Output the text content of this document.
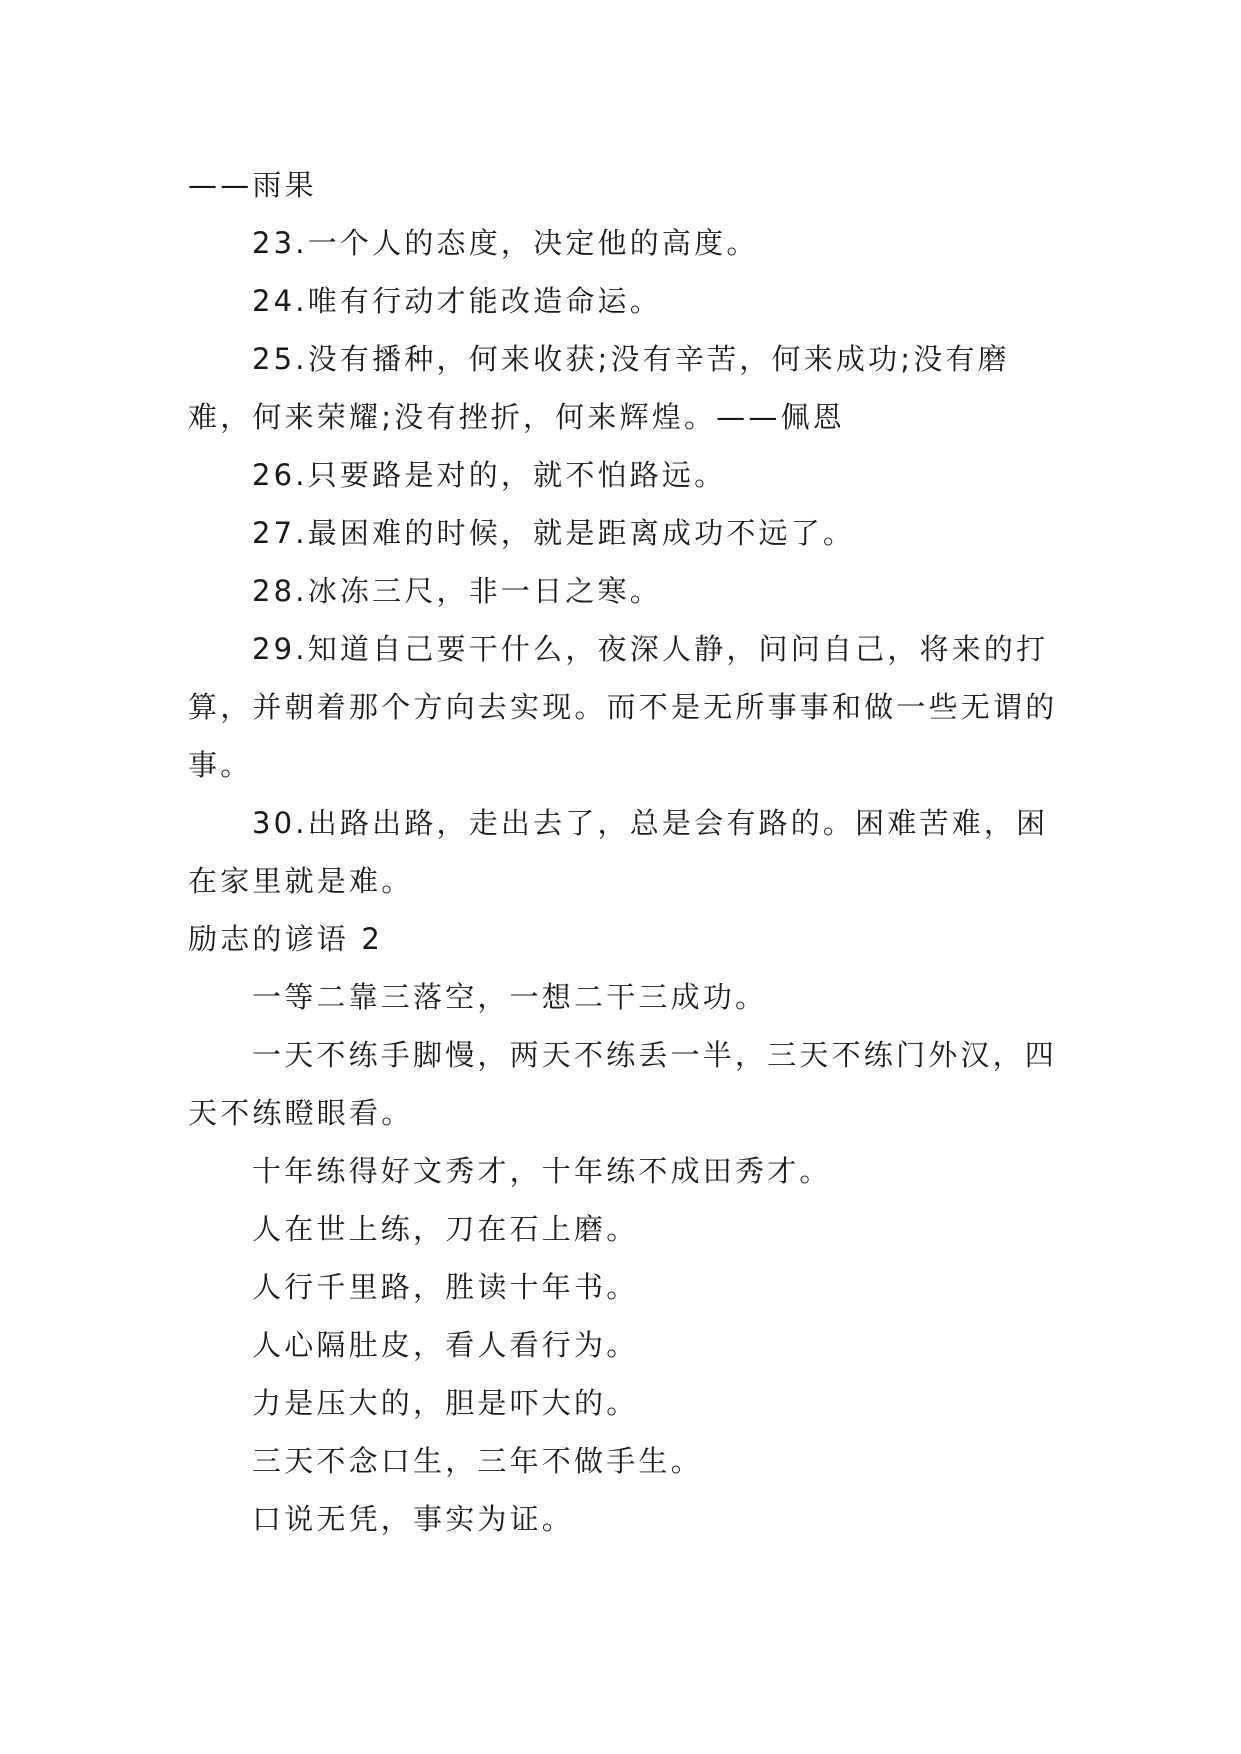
——雨果

23.一个人的态度，决定他的高度。

24.唯有行动才能改造命运。

25.没有播种，何来收获;没有辛苦，何来成功;没有磨难，何来荣耀;没有挫折，何来辉煌。——佩恩

26.只要路是对的，就不怕路远。

27.最困难的时候，就是距离成功不远了。

28.冰冻三尺，非一日之寒。

29.知道自己要干什么，夜深人静，问问自己，将来的打算，并朝着那个方向去实现。而不是无所事事和做一些无谓的事。

30.出路出路，走出去了，总是会有路的。困难苦难，困在家里就是难。

励志的谚语 2

一等二靠三落空，一想二干三成功。

一天不练手脚慢，两天不练丢一半，三天不练门外汉，四天不练瞪眼看。

十年练得好文秀才，十年练不成田秀才。

人在世上练，刀在石上磨。

人行千里路，胜读十年书。

人心隔肚皮，看人看行为。

力是压大的，胆是吓大的。

三天不念口生，三年不做手生。

口说无凭，事实为证。
